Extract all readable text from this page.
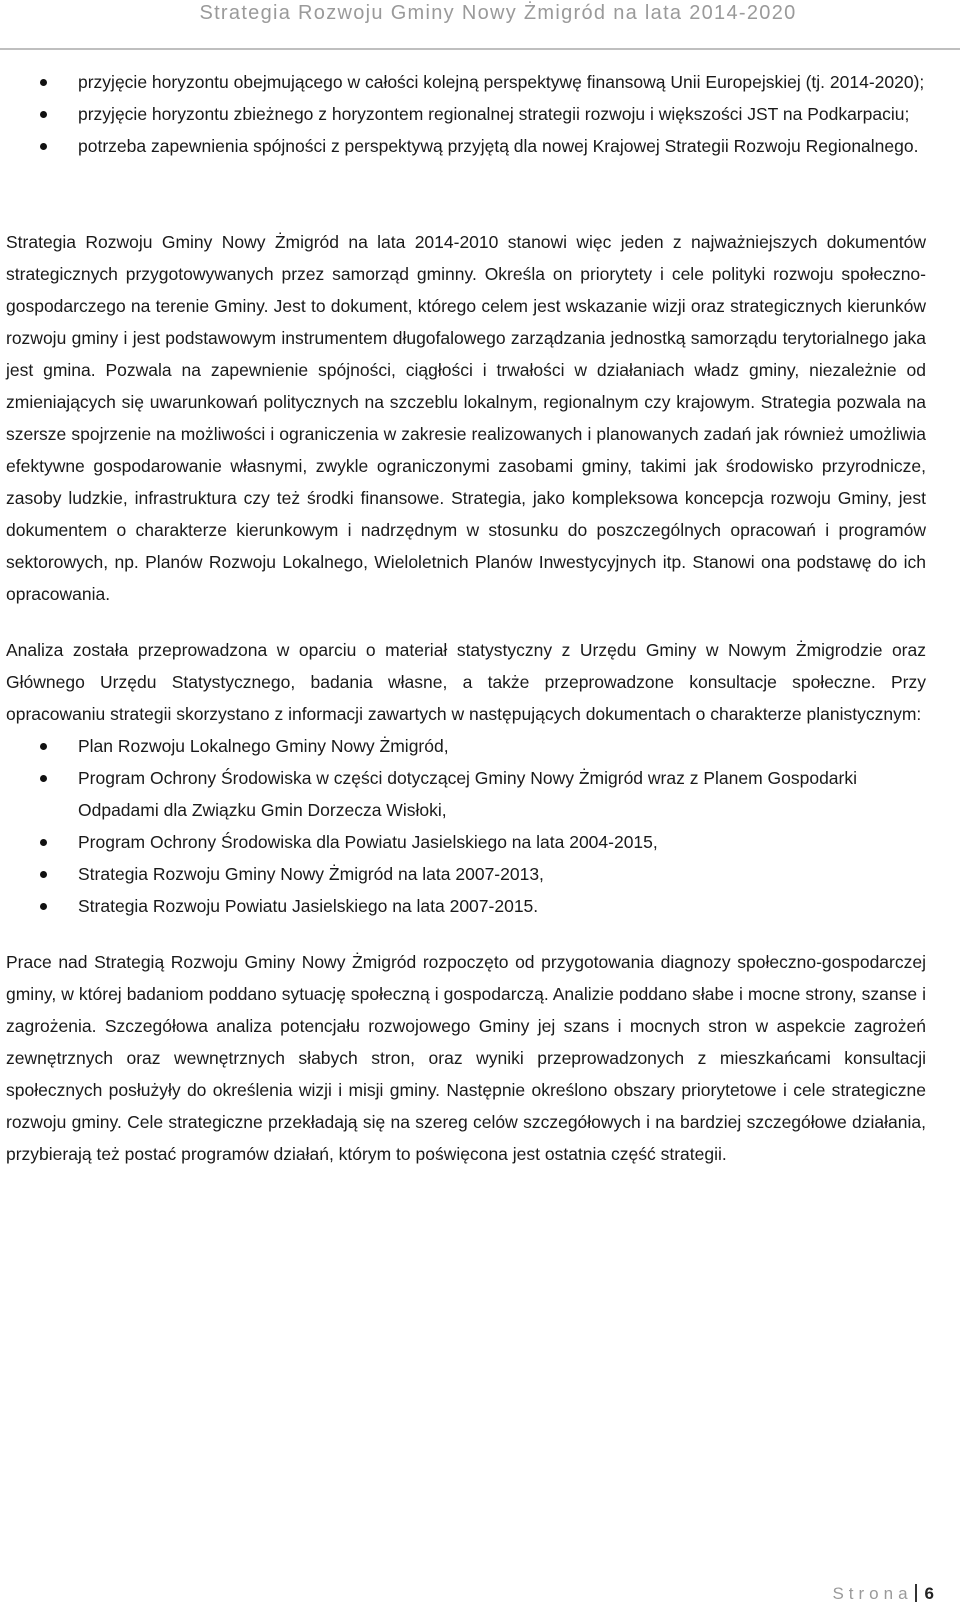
Strategia Rozwoju Gminy Nowy Żmigród na lata 2014-2020
przyjęcie horyzontu obejmującego w całości kolejną perspektywę finansową Unii Europejskiej (tj. 2014-2020);
przyjęcie horyzontu zbieżnego z horyzontem regionalnej strategii rozwoju i większości JST na Podkarpaciu;
potrzeba zapewnienia spójności z perspektywą przyjętą dla nowej Krajowej Strategii Rozwoju Regionalnego.

Strategia Rozwoju Gminy Nowy Żmigród na lata 2014-2010 stanowi więc jeden z najważniejszych dokumentów strategicznych przygotowywanych przez samorząd gminny. Określa on priorytety i cele polityki rozwoju społeczno-gospodarczego na terenie Gminy. Jest to dokument, którego celem jest wskazanie wizji oraz strategicznych kierunków rozwoju gminy i jest podstawowym instrumentem długofalowego zarządzania jednostką samorządu terytorialnego jaka jest gmina. Pozwala na zapewnienie spójności, ciągłości i trwałości w działaniach władz gminy, niezależnie od zmieniających się uwarunkowań politycznych na szczeblu lokalnym, regionalnym czy krajowym. Strategia pozwala na szersze spojrzenie na możliwości i ograniczenia w zakresie realizowanych i planowanych zadań jak również umożliwia efektywne gospodarowanie własnymi, zwykle ograniczonymi zasobami gminy, takimi jak środowisko przyrodnicze, zasoby ludzkie, infrastruktura czy też środki finansowe. Strategia, jako kompleksowa koncepcja rozwoju Gminy, jest dokumentem o charakterze kierunkowym i nadrzędnym w stosunku do poszczególnych opracowań i programów sektorowych, np. Planów Rozwoju Lokalnego, Wieloletnich Planów Inwestycyjnych itp. Stanowi ona podstawę do ich opracowania.

Analiza została przeprowadzona w oparciu o materiał statystyczny z Urzędu Gminy w Nowym Żmigrodzie oraz Głównego Urzędu Statystycznego, badania własne, a także przeprowadzone konsultacje społeczne. Przy opracowaniu strategii skorzystano z informacji zawartych w następujących dokumentach o charakterze planistycznym:

Plan Rozwoju Lokalnego Gminy Nowy Żmigród,
Program Ochrony Środowiska w części dotyczącej Gminy Nowy Żmigród wraz z Planem Gospodarki Odpadami dla Związku Gmin Dorzecza Wisłoki,
Program Ochrony Środowiska dla Powiatu Jasielskiego na lata 2004-2015,
Strategia Rozwoju Gminy Nowy Żmigród na lata 2007-2013,
Strategia Rozwoju Powiatu Jasielskiego na lata 2007-2015.

Prace nad Strategią Rozwoju Gminy Nowy Żmigród rozpoczęto od przygotowania diagnozy społeczno-gospodarczej gminy, w której badaniom poddano sytuację społeczną i gospodarczą. Analizie poddano słabe i mocne strony, szanse i zagrożenia. Szczegółowa analiza potencjału rozwojowego Gminy jej szans i mocnych stron w aspekcie zagrożeń zewnętrznych oraz wewnętrznych słabych stron, oraz wyniki przeprowadzonych z mieszkańcami konsultacji społecznych posłużyły do określenia wizji i misji gminy. Następnie określono obszary priorytetowe i cele strategiczne rozwoju gminy. Cele strategiczne przekładają się na szereg celów szczegółowych i na bardziej szczegółowe działania, przybierają też postać programów działań, którym to poświęcona jest ostatnia część strategii.

Strona 6
